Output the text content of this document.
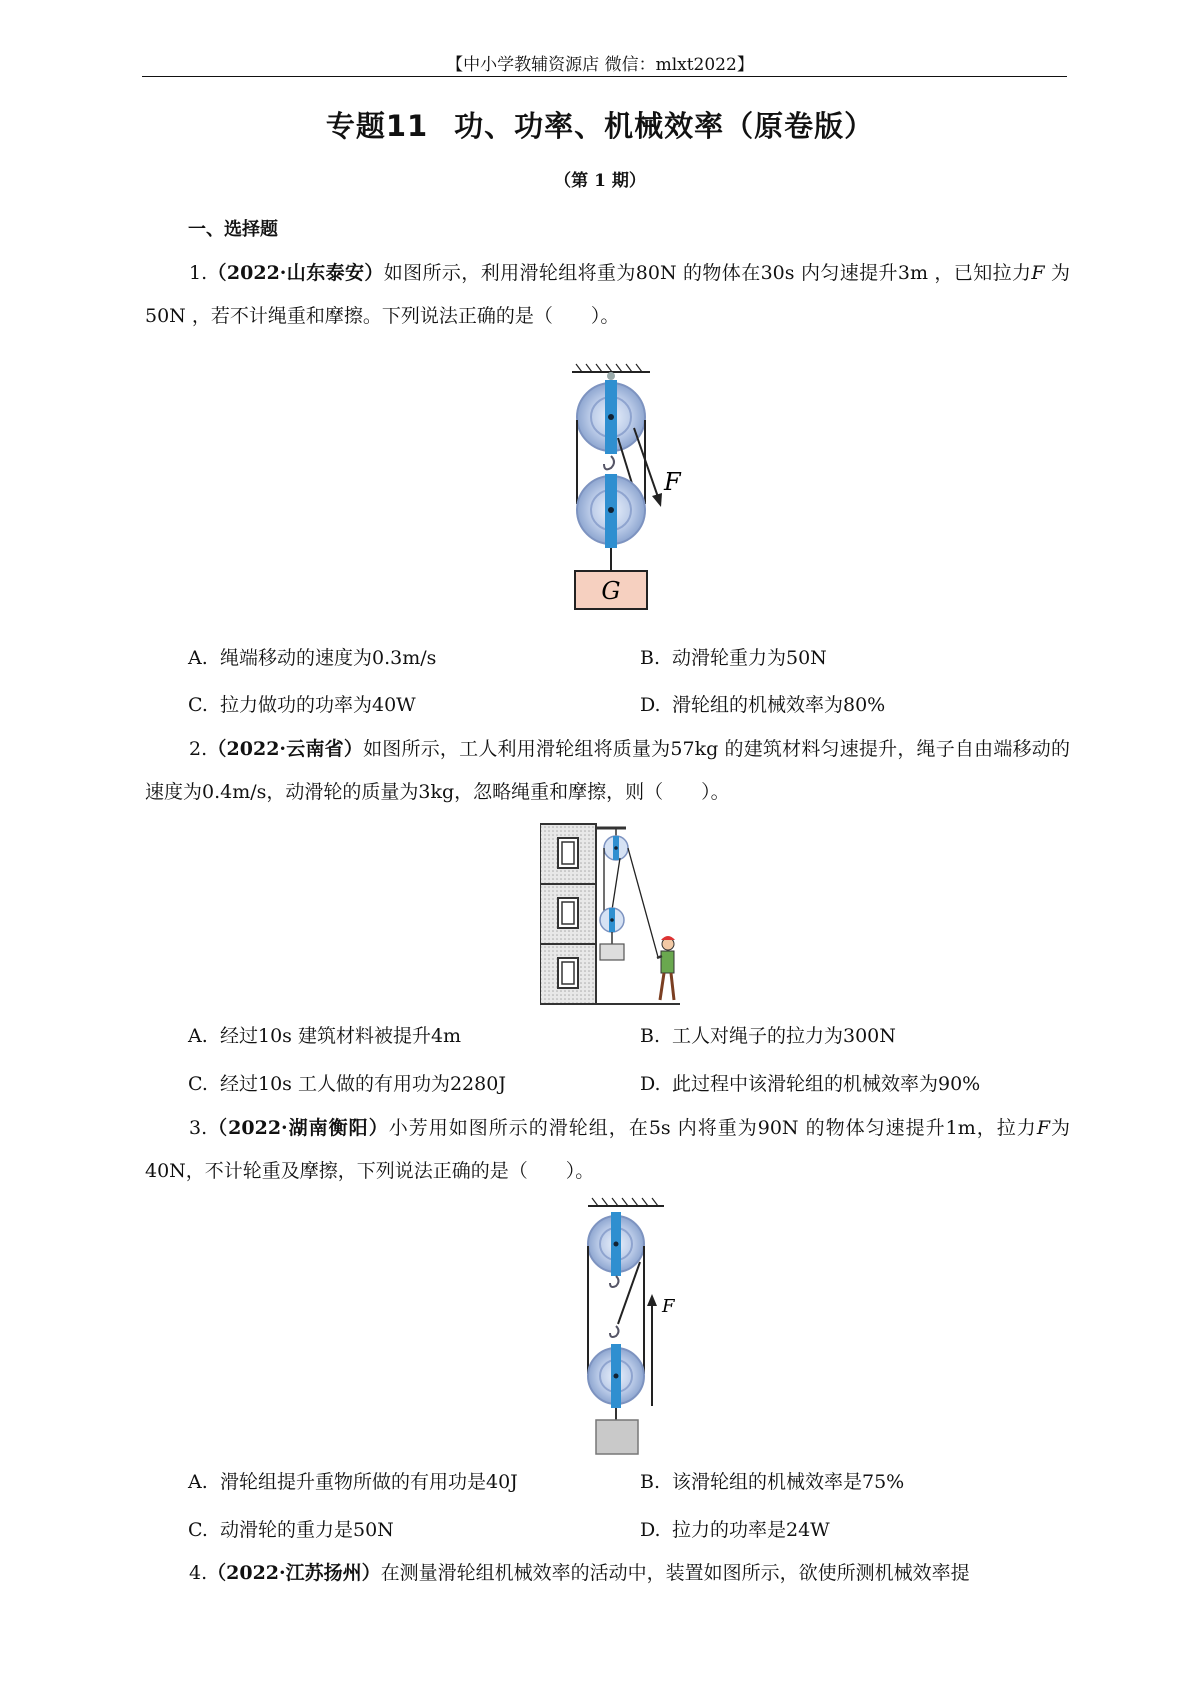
【中小学教辅资源店 微信：mlxt2022】
专题11 功、功率、机械效率（原卷版）
（第 1 期）
一、选择题
1.（2022·山东泰安）如图所示，利用滑轮组将重为80N 的物体在30s 内匀速提升3m ，已知拉力F 为50N ，若不计绳重和摩擦。下列说法正确的是（　　）。
F
G
A. 绳端移动的速度为0.3m/s	B. 动滑轮重力为50N
C. 拉力做功的功率为40W	D. 滑轮组的机械效率为80%
2.（2022·云南省）如图所示，工人利用滑轮组将质量为57kg 的建筑材料匀速提升，绳子自由端移动的速度为0.4m/s，动滑轮的质量为3kg，忽略绳重和摩擦，则（　　）。
A. 经过10s 建筑材料被提升4m	B. 工人对绳子的拉力为300N
C. 经过10s 工人做的有用功为2280J	D. 此过程中该滑轮组的机械效率为90%
3.（2022·湖南衡阳）小芳用如图所示的滑轮组，在5s 内将重为90N 的物体匀速提升1m，拉力F为40N，不计轮重及摩擦，下列说法正确的是（　　）。
F
A. 滑轮组提升重物所做的有用功是40J	B. 该滑轮组的机械效率是75%
C. 动滑轮的重力是50N	D. 拉力的功率是24W
4.（2022·江苏扬州）在测量滑轮组机械效率的活动中，装置如图所示，欲使所测机械效率提
